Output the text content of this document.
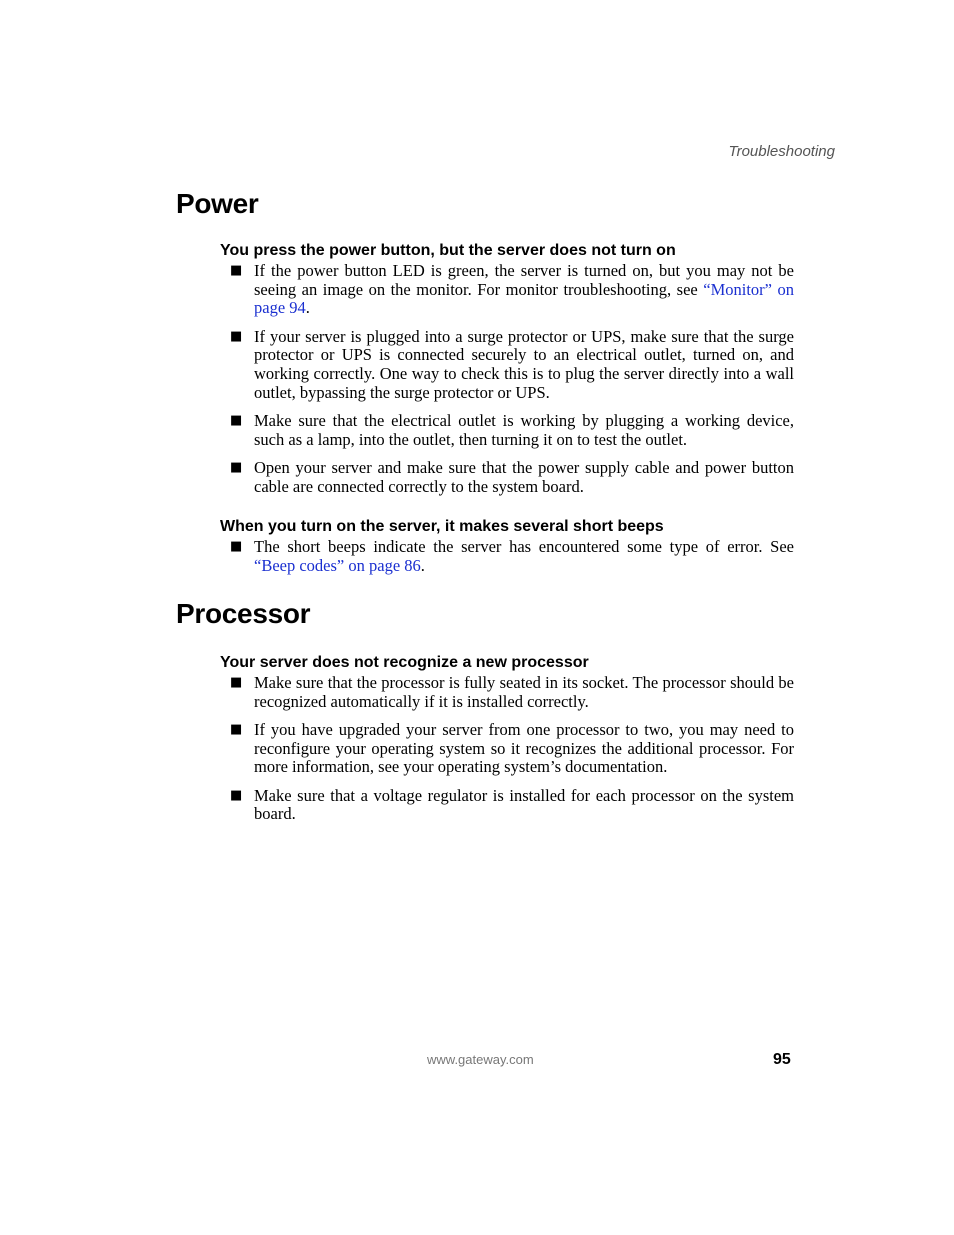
Troubleshooting
Power
You press the power button, but the server does not turn on
■ If the power button LED is green, the server is turned on, but you may not be seeing an image on the monitor. For monitor troubleshooting, see “Monitor” on page 94.
■ If your server is plugged into a surge protector or UPS, make sure that the surge protector or UPS is connected securely to an electrical outlet, turned on, and working correctly. One way to check this is to plug the server directly into a wall outlet, bypassing the surge protector or UPS.
■ Make sure that the electrical outlet is working by plugging a working device, such as a lamp, into the outlet, then turning it on to test the outlet.
■ Open your server and make sure that the power supply cable and power button cable are connected correctly to the system board.
When you turn on the server, it makes several short beeps
■ The short beeps indicate the server has encountered some type of error. See “Beep codes” on page 86.
Processor
Your server does not recognize a new processor
■ Make sure that the processor is fully seated in its socket. The processor should be recognized automatically if it is installed correctly.
■ If you have upgraded your server from one processor to two, you may need to reconfigure your operating system so it recognizes the additional processor. For more information, see your operating system’s documentation.
■ Make sure that a voltage regulator is installed for each processor on the system board.
www.gateway.com	95
